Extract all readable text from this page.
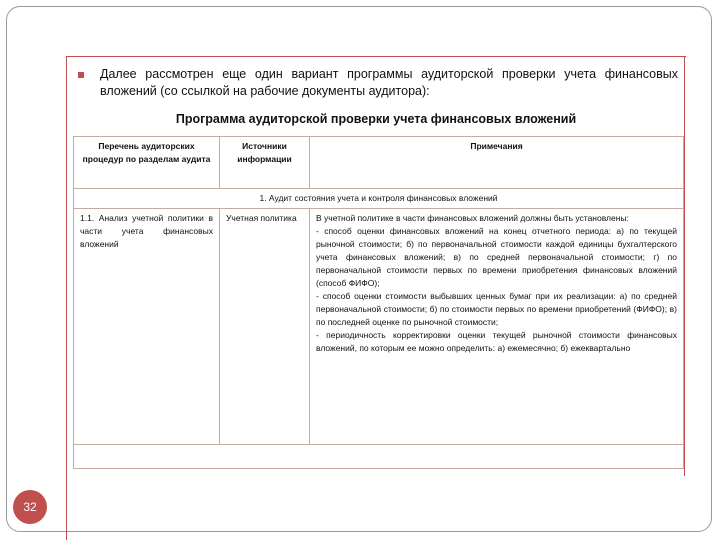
Далее рассмотрен еще один вариант программы аудиторской проверки учета финансовых вложений (со ссылкой на рабочие документы аудитора):
Программа аудиторской проверки учета финансовых вложений
Перечень аудиторских процедур по разделам аудита	Источники информации	Примечания
1. Аудит состояния учета и контроля финансовых вложений		
1.1. Анализ учетной политики в части учета финансовых вложений	Учетная политика	В учетной политике в части финансовых вложений должны быть установлены:

- способ оценки финансовых вложений на конец отчетного периода: а) по текущей рыночной стоимости; б) по первоначальной стоимости каждой единицы бухгалтерского учета финансовых вложений; в) по средней первоначальной стоимости; г) по первоначальной стоимости первых по времени приобретения финансовых вложений (способ ФИФО);

- способ оценки стоимости выбывших ценных бумаг при их реализации: а) по средней первоначальной стоимости; б) по стоимости первых по времени приобретений (ФИФО); в) по последней оценке по рыночной стоимости;

- периодичность корректировки оценки текущей рыночной стоимости финансовых вложений, по которым ее можно определить: а) ежемесячно; б) ежеквартально

32
